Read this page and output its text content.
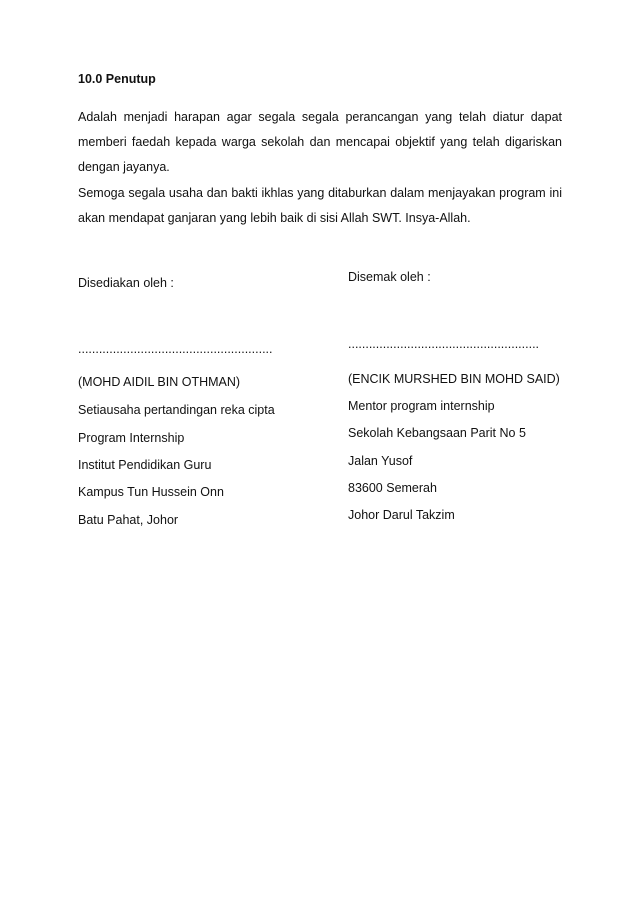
10.0 Penutup

Adalah menjadi harapan agar segala segala perancangan yang telah diatur dapat memberi faedah kepada warga sekolah dan mencapai objektif yang telah digariskan dengan jayanya.

Semoga segala usaha dan bakti ikhlas yang ditaburkan dalam menjayakan program ini akan mendapat ganjaran yang lebih baik di sisi Allah SWT. Insya-Allah.

Disediakan oleh :
........................................................
(MOHD AIDIL BIN OTHMAN)
Setiausaha pertandingan reka cipta
Program Internship
Institut Pendidikan Guru
Kampus Tun Hussein Onn
Batu Pahat, Johor
Disemak oleh :
.......................................................
(ENCIK MURSHED BIN MOHD SAID)
Mentor program internship
Sekolah Kebangsaan Parit No 5
Jalan Yusof
83600 Semerah
Johor Darul Takzim
